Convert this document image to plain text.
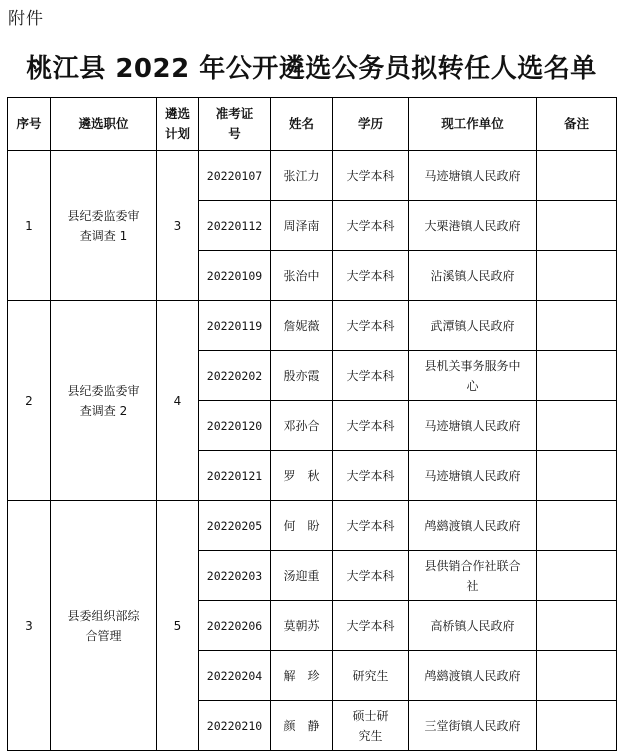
附件
桃江县 2022 年公开遴选公务员拟转任人选名单
序号	遴选职位	遴选计划	准考证号	姓名	学历	现工作单位	备注
1	县纪委监委审查调查 1	3	20220107	张江力	大学本科	马迹塘镇人民政府	
			20220112	周泽南	大学本科	大栗港镇人民政府	
			20220109	张治中	大学本科	沾溪镇人民政府	
2	县纪委监委审查调查 2	4	20220119	詹妮薇	大学本科	武潭镇人民政府	
			20220202	殷亦霞	大学本科	县机关事务服务中心	
			20220120	邓孙合	大学本科	马迹塘镇人民政府	
			20220121	罗　秋	大学本科	马迹塘镇人民政府	
3	县委组织部综合管理	5	20220205	何　盼	大学本科	鸬鹚渡镇人民政府	
			20220203	汤迎重	大学本科	县供销合作社联合社	
			20220206	莫朝苏	大学本科	高桥镇人民政府	
			20220204	解　珍	研究生	鸬鹚渡镇人民政府	
			20220210	颜　静	硕士研究生	三堂街镇人民政府	
